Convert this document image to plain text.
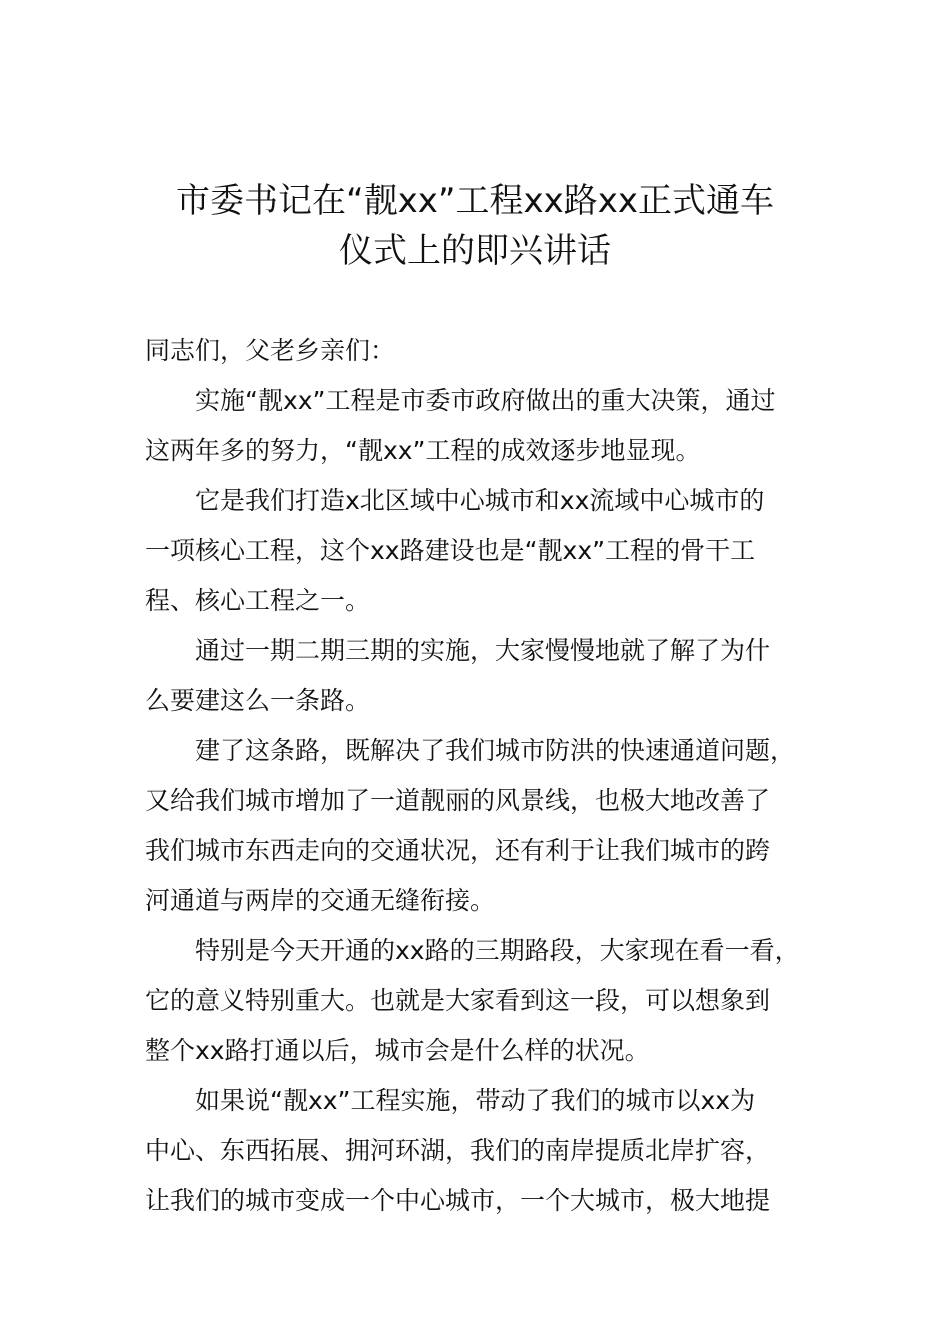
市委书记在“靓xx”工程xx路xx正式通车
仪式上的即兴讲话
同志们，父老乡亲们：
实施“靓xx”工程是市委市政府做出的重大决策，通过
这两年多的努力，“靓xx”工程的成效逐步地显现。
它是我们打造x北区域中心城市和xx流域中心城市的
一项核心工程，这个xx路建设也是“靓xx”工程的骨干工
程、核心工程之一。
通过一期二期三期的实施，大家慢慢地就了解了为什
么要建这么一条路。
建了这条路，既解决了我们城市防洪的快速通道问题，
又给我们城市增加了一道靓丽的风景线，也极大地改善了
我们城市东西走向的交通状况，还有利于让我们城市的跨
河通道与两岸的交通无缝衔接。
特别是今天开通的xx路的三期路段，大家现在看一看，
它的意义特别重大。也就是大家看到这一段，可以想象到
整个xx路打通以后，城市会是什么样的状况。
如果说“靓xx”工程实施，带动了我们的城市以xx为
中心、东西拓展、拥河环湖，我们的南岸提质北岸扩容，
让我们的城市变成一个中心城市，一个大城市，极大地提
